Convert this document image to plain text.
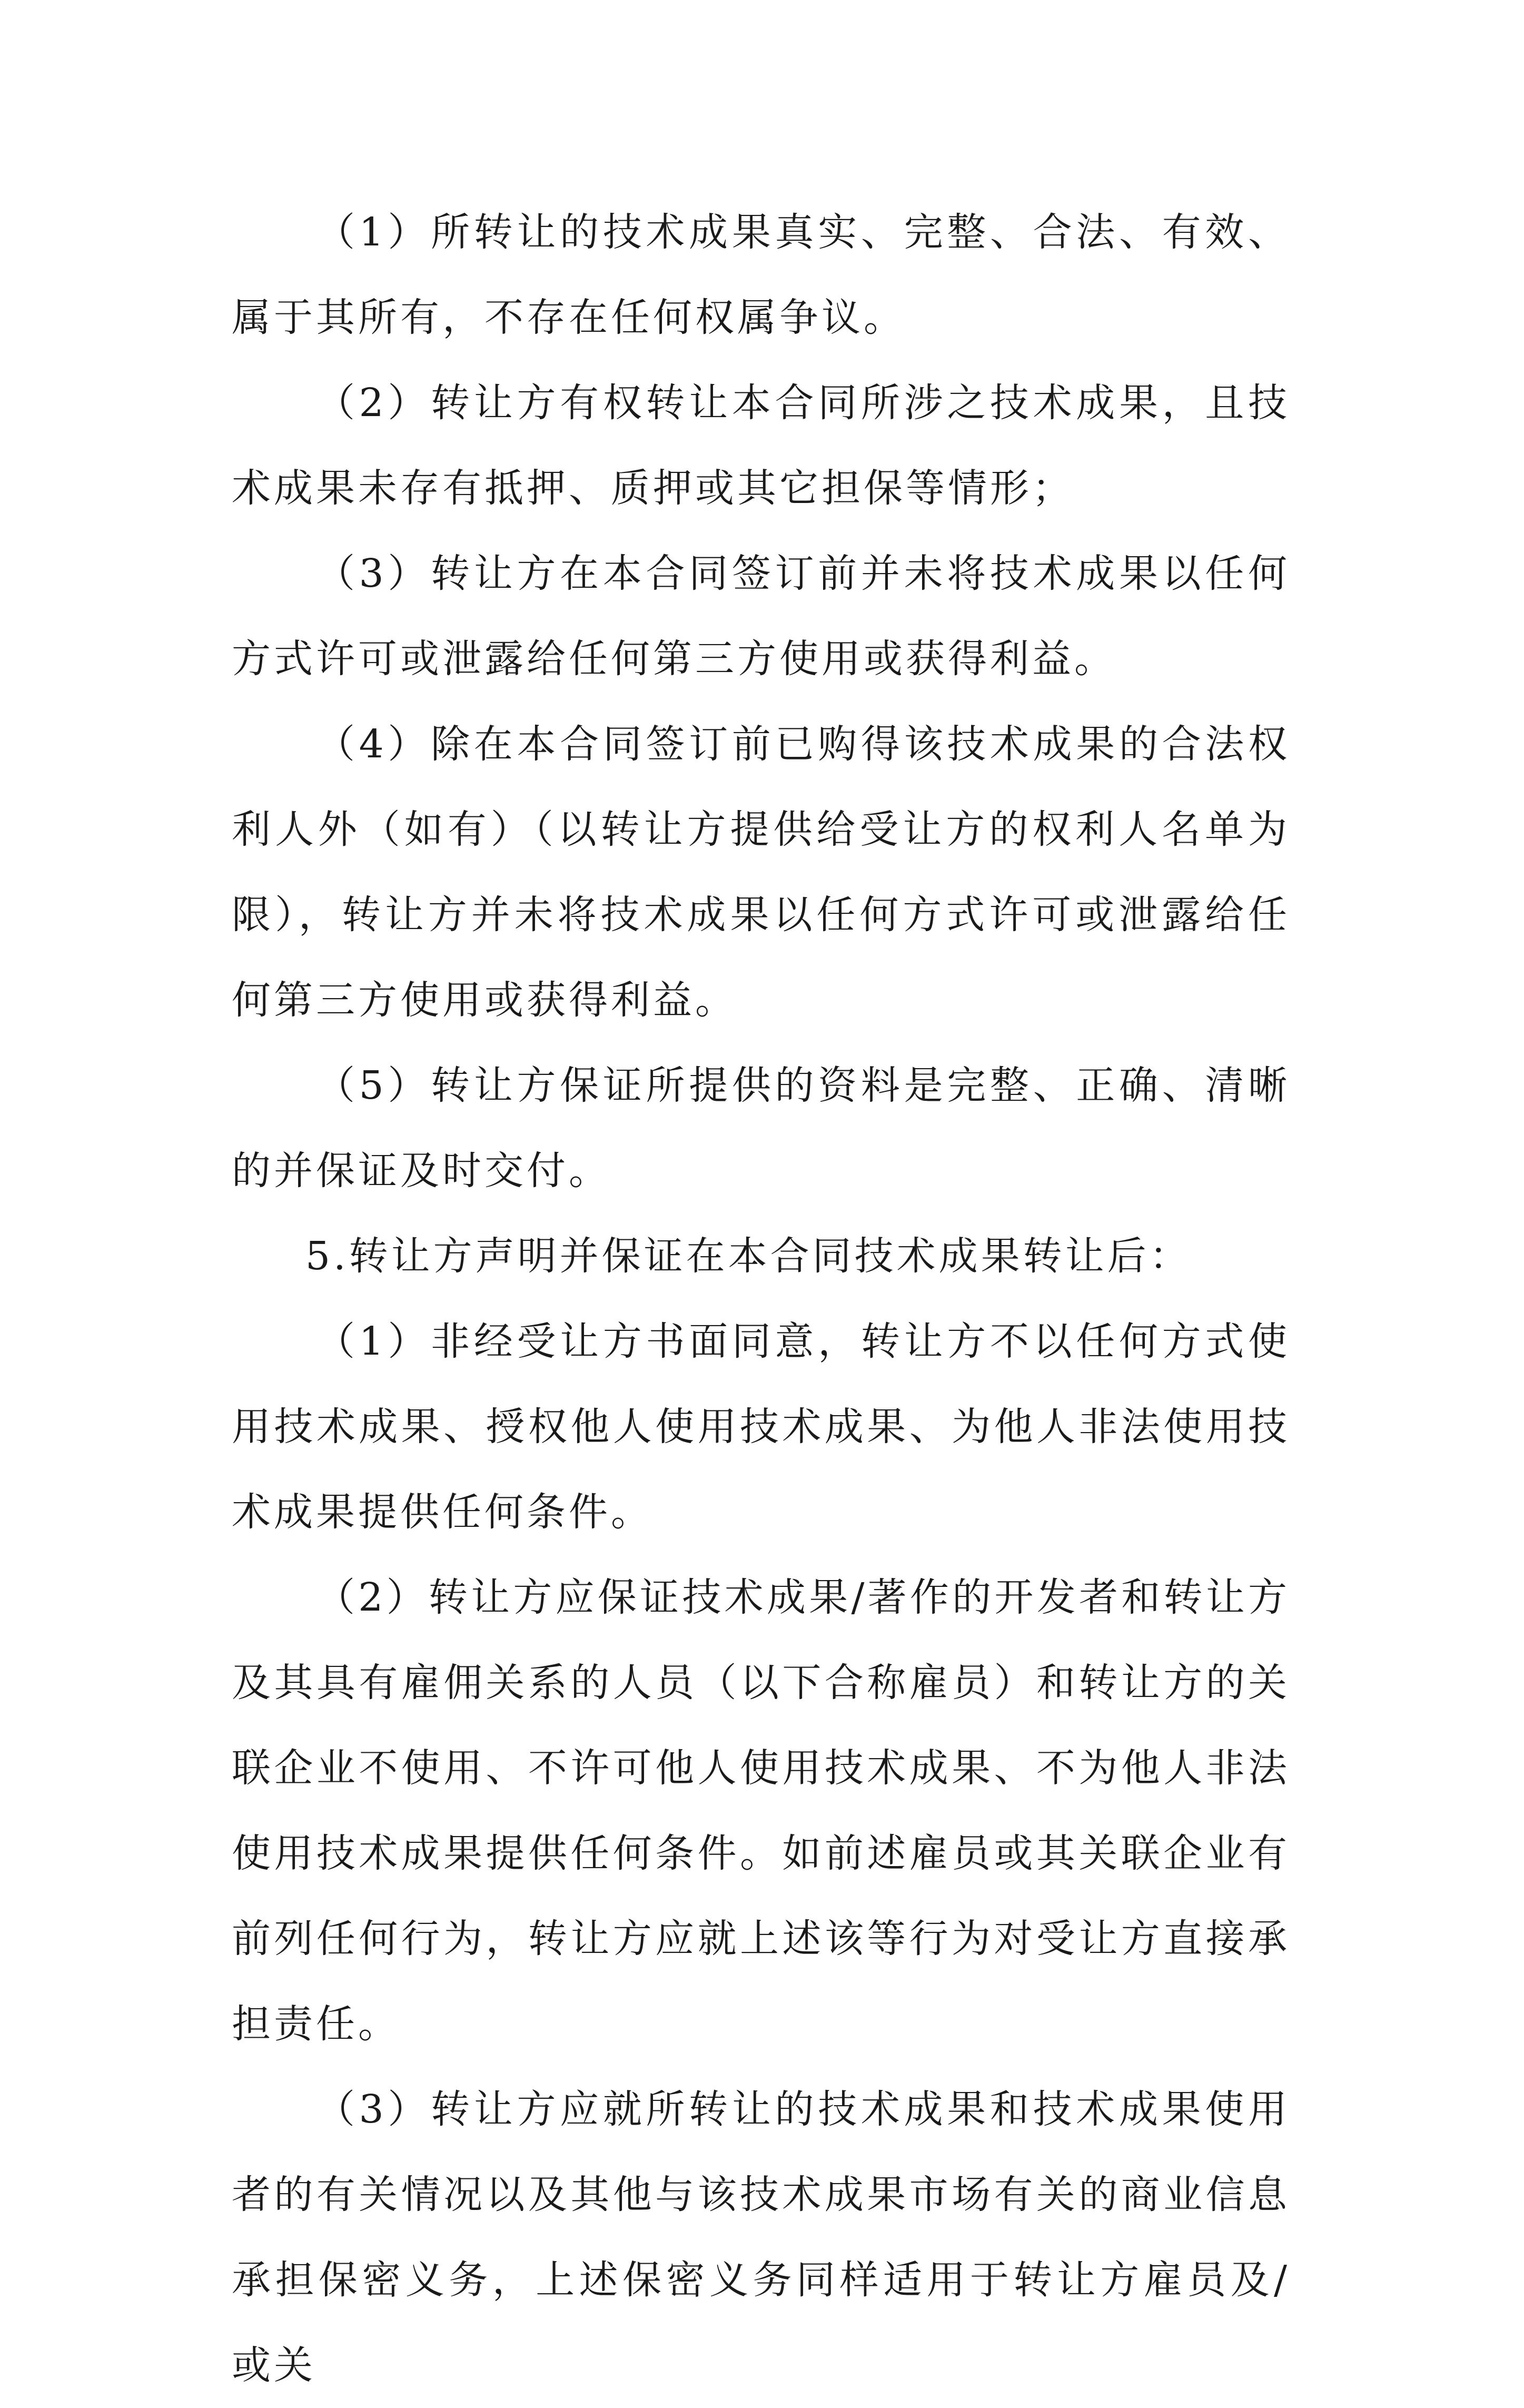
（1）所转让的技术成果真实、完整、合法、有效、属于其所有，不存在任何权属争议。

（2）转让方有权转让本合同所涉之技术成果，且技术成果未存有抵押、质押或其它担保等情形；

（3）转让方在本合同签订前并未将技术成果以任何方式许可或泄露给任何第三方使用或获得利益。

（4）除在本合同签订前已购得该技术成果的合法权利人外（如有）（以转让方提供给受让方的权利人名单为限），转让方并未将技术成果以任何方式许可或泄露给任何第三方使用或获得利益。

（5）转让方保证所提供的资料是完整、正确、清晰的并保证及时交付。

5.转让方声明并保证在本合同技术成果转让后：

（1）非经受让方书面同意，转让方不以任何方式使用技术成果、授权他人使用技术成果、为他人非法使用技术成果提供任何条件。

（2）转让方应保证技术成果/著作的开发者和转让方及其具有雇佣关系的人员（以下合称雇员）和转让方的关联企业不使用、不许可他人使用技术成果、不为他人非法使用技术成果提供任何条件。如前述雇员或其关联企业有前列任何行为，转让方应就上述该等行为对受让方直接承担责任。

（3）转让方应就所转让的技术成果和技术成果使用者的有关情况以及其他与该技术成果市场有关的商业信息承担保密义务，上述保密义务同样适用于转让方雇员及/或关
